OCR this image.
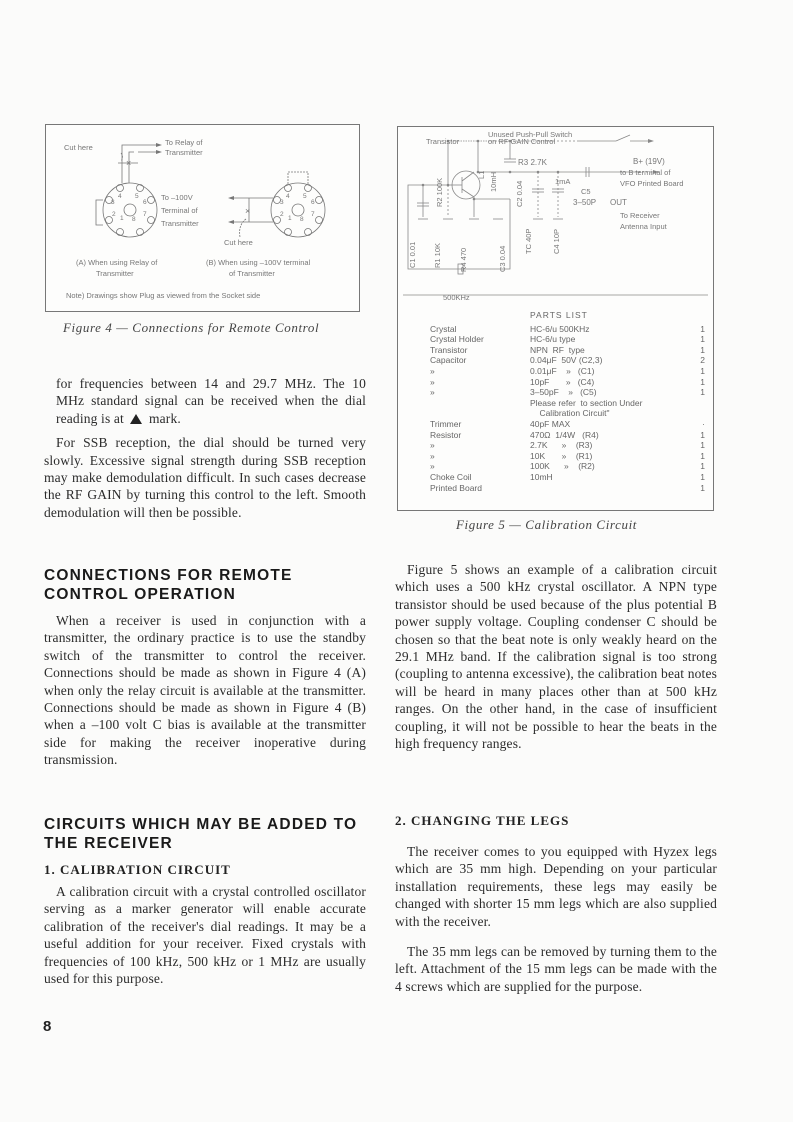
×
3
4 5
6
7
2
1 8
Cut here
To Relay of
Transmitter
To –100V
Terminal of
Transmitter
×
3
4 5
6
7
2
1 8
Cut here
(A) When using Relay of
Transmitter
(B) When using –100V terminal
of Transmitter
Note) Drawings show Plug as viewed from the Socket side
Figure 4 — Connections for Remote Control
Unused Push-Pull Switch
on RF GAIN Control
Transistor
R3 2.7K	B+ (19V)
to B terminal of
VFO Printed Board
1mA
C5
3–50P OUT
To Receiver
Antenna Input
R2 100K
L1 10mH C2 0.04
TC 40P	C4 10P
C1 0.01 R1 10K R4 470	C3 0.04
500KHz
PARTS LIST
Crystal	HC-6/u 500KHz	1
Crystal Holder	HC-6/u type	1
Transistor	NPN  RF  type	1
Capacitor	0.04μF  50V (C2,3)	2
»	0.01μF    »   (C1)	1
»	10pF       »   (C4)	1
»	3–50pF    »   (C5)	1
	Please refer  to section Under	
	Calibration Circuit"	
Trimmer	40pF MAX	·
Resistor	470Ω  1/4W   (R4)	1
»	2.7K      »    (R3)	1
»	10K       »    (R1)	1
»	100K      »    (R2)	1
Choke Coil	10mH	1
Printed Board		1
Figure 5 — Calibration Circuit

for frequencies between 14 and 29.7 MHz. The 10 MHz standard signal can be received when the dial reading is at mark.

For SSB reception, the dial should be turned very slowly. Excessive signal strength during SSB reception may make demodulation difficult. In such cases decrease the RF GAIN by turning this control to the left. Smooth demodulation will then be possible.

CONNECTIONS FOR REMOTE CONTROL OPERATION

When a receiver is used in conjunction with a transmitter, the ordinary practice is to use the standby switch of the transmitter to control the receiver. Connections should be made as shown in Figure 4 (A) when only the relay circuit is available at the transmitter. Connections should be made as shown in Figure 4 (B) when a –100 volt C bias is available at the transmitter side for making the receiver inoperative during transmission.

CIRCUITS WHICH MAY BE ADDED TO THE RECEIVER
1. CALIBRATION CIRCUIT

A calibration circuit with a crystal controlled oscillator serving as a marker generator will enable accurate calibration of the receiver's dial readings. It may be a useful addition for your receiver. Fixed crystals with frequencies of 100 kHz, 500 kHz or 1 MHz are usually used for this purpose.

8

Figure 5 shows an example of a calibration circuit which uses a 500 kHz crystal oscillator. A NPN type transistor should be used because of the plus potential B power supply voltage. Coupling condenser C should be chosen so that the beat note is only weakly heard on the 29.1 MHz band. If the calibration signal is too strong (coupling to antenna excessive), the calibration beat notes will be heard in many places other than at 500 kHz ranges. On the other hand, in the case of insufficient coupling, it will not be possible to hear the beats in the high frequency ranges.

2. CHANGING THE LEGS

The receiver comes to you equipped with Hyzex legs which are 35 mm high. Depending on your particular installation requirements, these legs may easily be changed with shorter 15 mm legs which are also supplied with the receiver.

The 35 mm legs can be removed by turning them to the left. Attachment of the 15 mm legs can be made with the 4 screws which are supplied for the purpose.
